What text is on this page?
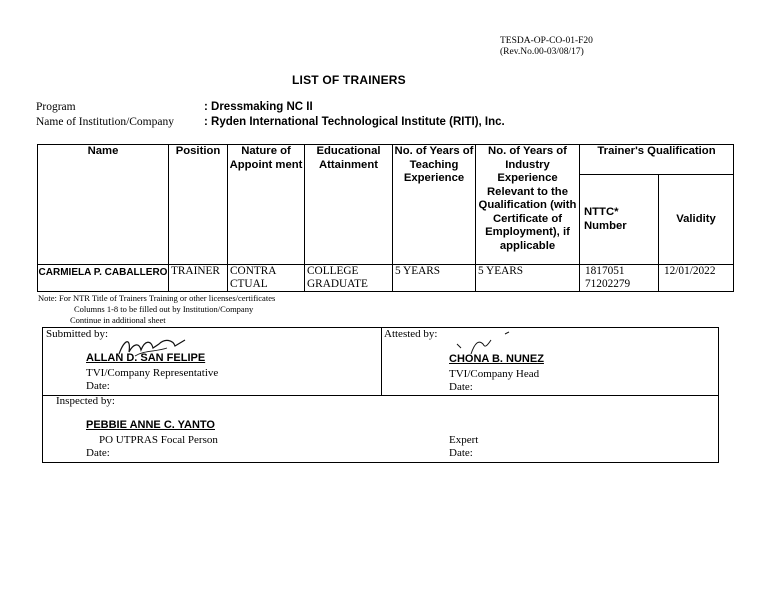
TESDA-OP-CO-01-F20
(Rev.No.00-03/08/17)
LIST OF TRAINERS
Program	: Dressmaking NC II
Name of Institution/Company	: Ryden International Technological Institute (RITI), Inc.
Name	Position	Nature of Appoint ment	Educational Attainment	No. of Years of Teaching Experience	No. of Years of Industry Experience Relevant to the Qualification (with Certificate of Employment), if applicable	Trainer's Qualification	
						NTTC* Number	Validity
CARMIELA P. CABALLERO	TRAINER	CONTRA CTUAL	COLLEGE GRADUATE	5 YEARS	5 YEARS	1817051 71202279	12/01/2022
Note: For NTR Title of Trainers Training or other licenses/certificates
Columns 1-8 to be filled out by Institution/Company
Continue in additional sheet
Submitted by:
ALLAN D. SAN FELIPE
TVI/Company Representative
Date:
Attested by:
CHONA B. NUNEZ
TVI/Company Head
Date:
Inspected by:
PEBBIE ANNE C. YANTO
PO UTPRAS Focal Person
Date:
Expert
Date:
